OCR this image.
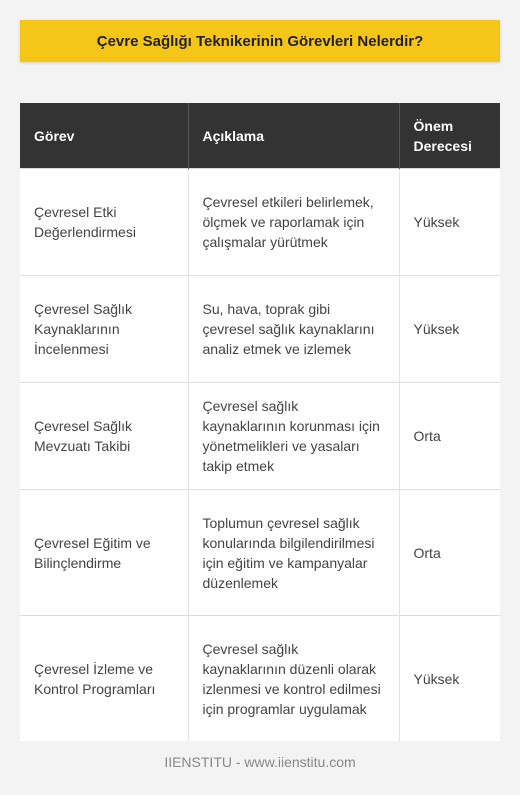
Çevre Sağlığı Teknikerinin Görevleri Nelerdir?
Görev	Açıklama	Önem Derecesi
Çevresel Etki Değerlendirmesi	Çevresel etkileri belirlemek, ölçmek ve raporlamak için çalışmalar yürütmek	Yüksek
Çevresel Sağlık Kaynaklarının İncelenmesi	Su, hava, toprak gibi çevresel sağlık kaynaklarını analiz etmek ve izlemek	Yüksek
Çevresel Sağlık Mevzuatı Takibi	Çevresel sağlık kaynaklarının korunması için yönetmelikleri ve yasaları takip etmek	Orta
Çevresel Eğitim ve Bilinçlendirme	Toplumun çevresel sağlık konularında bilgilendirilmesi için eğitim ve kampanyalar düzenlemek	Orta
Çevresel İzleme ve Kontrol Programları	Çevresel sağlık kaynaklarının düzenli olarak izlenmesi ve kontrol edilmesi için programlar uygulamak	Yüksek
IIENSTITU - www.iienstitu.com
